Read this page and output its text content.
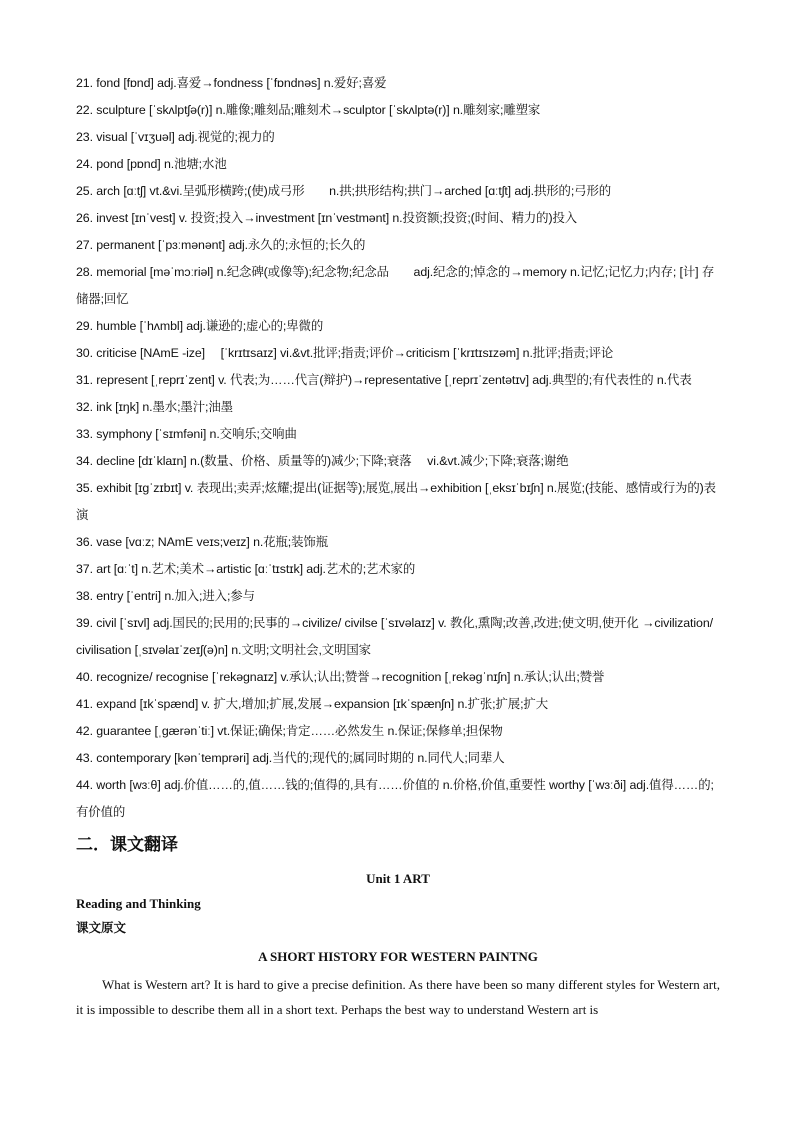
21. fond [fɒnd] adj.喜爱→fondness [ˈfɒndnəs] n.爱好;喜爱
22. sculpture [ˈskʌlptʃə(r)] n.雕像;雕刻品;雕刻术→sculptor [ˈskʌlptə(r)] n.雕刻家;雕塑家
23. visual [ˈvɪʒuəl] adj.视觉的;视力的
24. pond [pɒnd] n.池塘;水池
25. arch [ɑːtʃ] vt.&vi.呈弧形横跨;(使)成弓形　　n.拱;拱形结构;拱门→arched [ɑːtʃt] adj.拱形的;弓形的
26. invest [ɪnˈvest] v. 投资;投入→investment [ɪnˈvestmənt] n.投资额;投资;(时间、精力的)投入
27. permanent [ˈpɜːmənənt] adj.永久的;永恒的;长久的
28. memorial [məˈmɔːriəl] n.纪念碑(或像等);纪念物;纪念品　　adj.纪念的;悼念的→memory n.记忆;记忆力;内存; [计] 存储器;回忆
29. humble [ˈhʌmbl] adj.谦逊的;虚心的;卑微的
30. criticise [NAmE -ize]　 [ˈkrɪtɪsaɪz] vi.&vt.批评;指责;评价→criticism [ˈkrɪtɪsɪzəm] n.批评;指责;评论
31. represent [ˌreprɪˈzent] v. 代表;为……代言(辩护)→representative [ˌreprɪˈzentətɪv] adj.典型的;有代表性的 n.代表
32. ink [ɪŋk] n.墨水;墨汁;油墨
33. symphony [ˈsɪmfəni] n.交响乐;交响曲
34. decline [dɪˈklaɪn] n.(数量、价格、质量等的)减少;下降;衰落　 vi.&vt.减少;下降;衰落;谢绝
35. exhibit [ɪɡˈzɪbɪt] v. 表现出;卖弄;炫耀;提出(证据等);展览,展出→exhibition [ˌeksɪˈbɪʃn] n.展览;(技能、感情或行为的)表演
36. vase [vɑːz; NAmE veɪs;veɪz] n.花瓶;装饰瓶
37. art [ɑːˈt] n.艺术;美术→artistic [ɑːˈtɪstɪk] adj.艺术的;艺术家的
38. entry [ˈentri] n.加入;进入;参与
39. civil [ˈsɪvl] adj.国民的;民用的;民事的→civilize/ civilse [ˈsɪvəlaɪz] v. 教化,熏陶;改善,改进;使文明,使开化 →civilization/ civilisation [ˌsɪvəlaɪˈzeɪʃ(ə)n] n.文明;文明社会,文明国家
40. recognize/ recognise [ˈrekəgnaɪz] v.承认;认出;赞誉→recognition [ˌrekəgˈnɪʃn] n.承认;认出;赞誉
41. expand [ɪkˈspænd] v. 扩大,增加;扩展,发展→expansion [ɪkˈspænʃn] n.扩张;扩展;扩大
42. guarantee [ˌɡærənˈtiː] vt.保证;确保;肯定……必然发生 n.保证;保修单;担保物
43. contemporary [kənˈtemprəri] adj.当代的;现代的;属同时期的 n.同代人;同辈人
44. worth [wɜːθ] adj.价值……的,值……钱的;值得的,具有……价值的 n.价格,价值,重要性 worthy [ˈwɜːði] adj.值得……的;有价值的
二．课文翻译
Unit 1 ART
Reading and Thinking
课文原文
A SHORT HISTORY FOR WESTERN PAINTNG

What is Western art? It is hard to give a precise definition. As there have been so many different styles for Western art, it is impossible to describe them all in a short text. Perhaps the best way to understand Western art is
